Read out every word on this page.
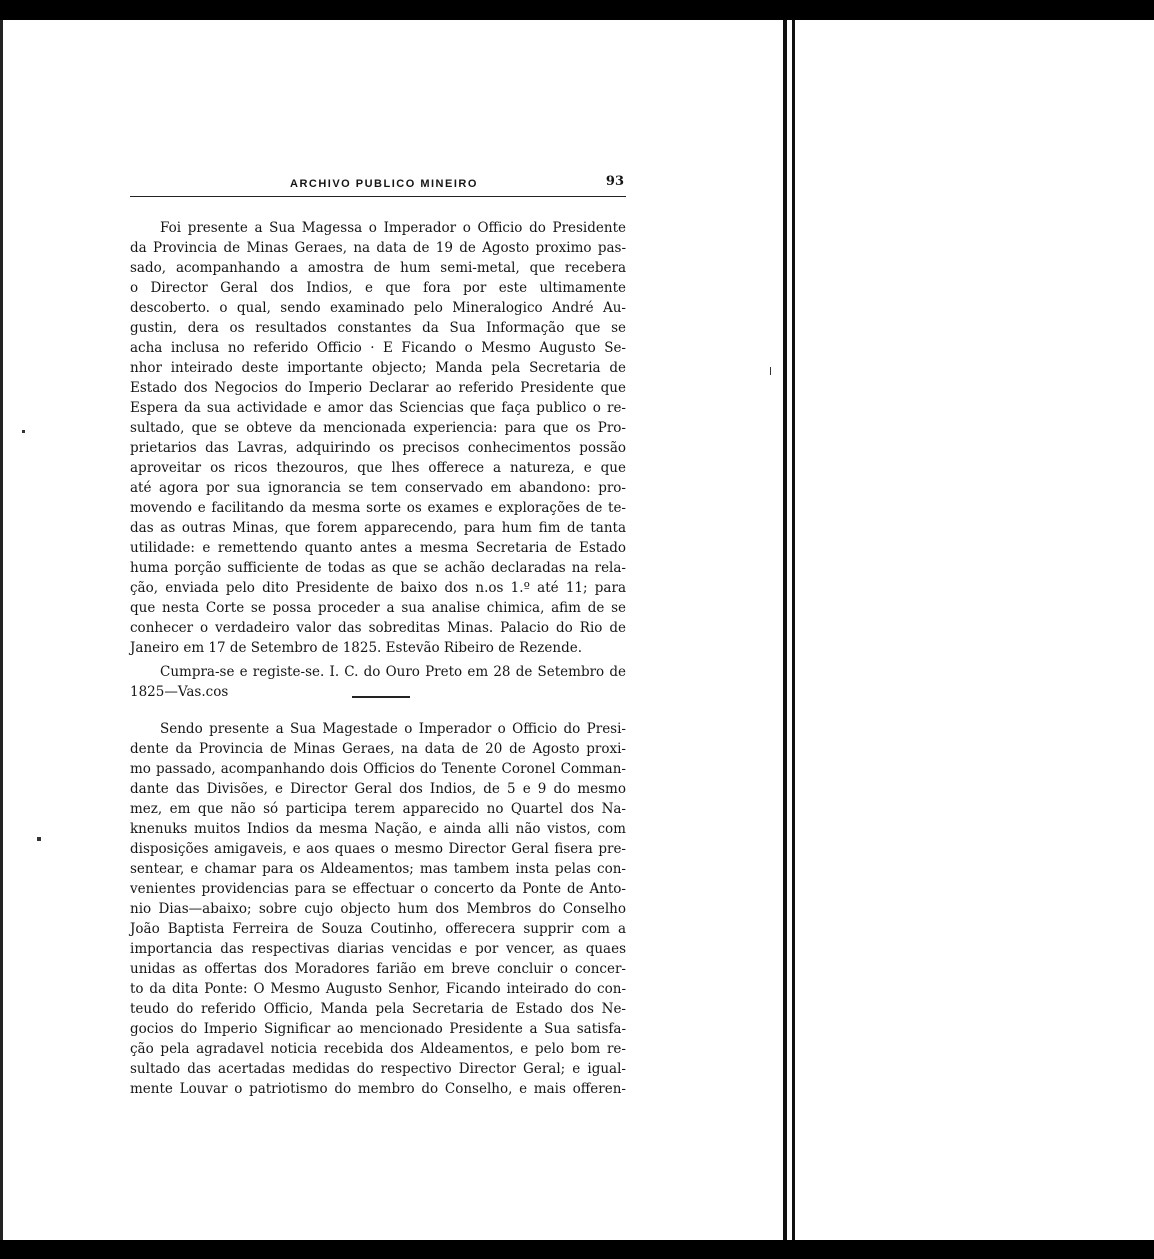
ARCHIVO PUBLICO MINEIRO	93
Foi presente a Sua Magessa o Imperador o Officio do Presidente
da Provincia de Minas Geraes, na data de 19 de Agosto proximo pas-
sado, acompanhando a amostra de hum semi-metal, que recebera
o Director Geral dos Indios, e que fora por este ultimamente
descoberto. o qual, sendo examinado pelo Mineralogico André Au-
gustin, dera os resultados constantes da Sua Informação que se
acha inclusa no referido Officio · E Ficando o Mesmo Augusto Se-
nhor inteirado deste importante objecto; Manda pela Secretaria de
Estado dos Negocios do Imperio Declarar ao referido Presidente que
Espera da sua actividade e amor das Sciencias que faça publico o re-
sultado, que se obteve da mencionada experiencia: para que os Pro-
prietarios das Lavras, adquirindo os precisos conhecimentos possão
aproveitar os ricos thezouros, que lhes offerece a natureza, e que
até agora por sua ignorancia se tem conservado em abandono: pro-
movendo e facilitando da mesma sorte os exames e explorações de te-
das as outras Minas, que forem apparecendo, para hum fim de tanta
utilidade: e remettendo quanto antes a mesma Secretaria de Estado
huma porção sufficiente de todas as que se achão declaradas na rela-
ção, enviada pelo dito Presidente de baixo dos n.os 1.º até 11; para
que nesta Corte se possa proceder a sua analise chimica, afim de se
conhecer o verdadeiro valor das sobreditas Minas. Palacio do Rio de
Janeiro em 17 de Setembro de 1825. Estevão Ribeiro de Rezende.
Cumpra-se e registe-se. I. C. do Ouro Preto em 28 de Setembro de
1825—Vas.cos
Sendo presente a Sua Magestade o Imperador o Officio do Presi-
dente da Provincia de Minas Geraes, na data de 20 de Agosto proxi-
mo passado, acompanhando dois Officios do Tenente Coronel Comman-
dante das Divisões, e Director Geral dos Indios, de 5 e 9 do mesmo
mez, em que não só participa terem apparecido no Quartel dos Na-
knenuks muitos Indios da mesma Nação, e ainda alli não vistos, com
disposições amigaveis, e aos quaes o mesmo Director Geral fisera pre-
sentear, e chamar para os Aldeamentos; mas tambem insta pelas con-
venientes providencias para se effectuar o concerto da Ponte de Anto-
nio Dias—abaixo; sobre cujo objecto hum dos Membros do Conselho
João Baptista Ferreira de Souza Coutinho, offerecera supprir com a
importancia das respectivas diarias vencidas e por vencer, as quaes
unidas as offertas dos Moradores farião em breve concluir o concer-
to da dita Ponte: O Mesmo Augusto Senhor, Ficando inteirado do con-
teudo do referido Officio, Manda pela Secretaria de Estado dos Ne-
gocios do Imperio Significar ao mencionado Presidente a Sua satisfa-
ção pela agradavel noticia recebida dos Aldeamentos, e pelo bom re-
sultado das acertadas medidas do respectivo Director Geral; e igual-
mente Louvar o patriotismo do membro do Conselho, e mais offeren-
